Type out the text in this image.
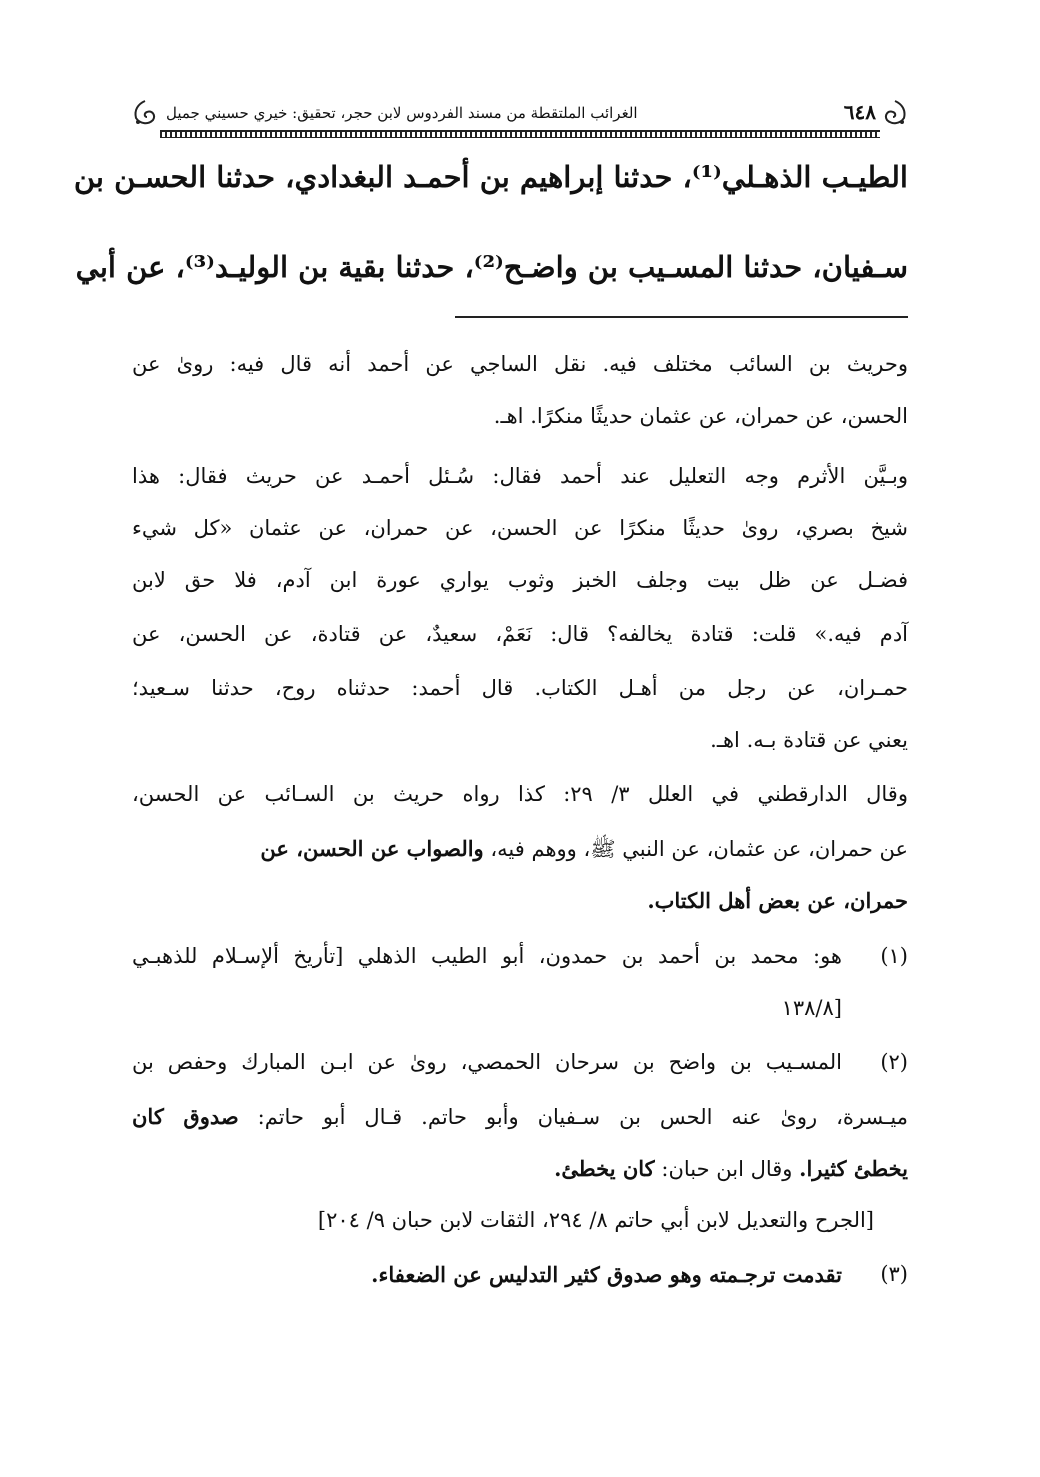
٦٤٨
الغرائب الملتقطة من مسند الفردوس لابن حجر، تحقيق: خيري حسيني جميل
الطيـب الذهـلي⁽¹⁾، حدثنا إبراهيم بن أحمـد البغدادي، حدثنا الحسـن بن
سـفيان، حدثنا المسـيب بن واضـح⁽²⁾، حدثنا بقية بن الوليـد⁽³⁾، عن أبي
وحريث بن السائب مختلف فيه. نقل الساجي عن أحمد أنه قال فيه: روىٰ عن
الحسن، عن حمران، عن عثمان حديثًا منكرًا. اهـ.
وبـيَّن الأثرم وجه التعليل عند أحمد فقال: سُـئل أحمـد عن حريث فقال: هذا
شيخ بصري، روىٰ حديثًا منكرًا عن الحسن، عن حمران، عن عثمان «كل شيء
فضـل عن ظل بيت وجلف الخبز وثوب يواري عورة ابن آدم، فلا حق لابن
آدم فيه.» قلت: قتادة يخالفه؟ قال: نَعَمْ، سعيدٌ، عن قتادة، عن الحسن، عن
حمـران، عن رجل من أهـل الكتاب. قال أحمد: حدثناه روح، حدثنا سـعيد؛
يعني عن قتادة بـه. اهـ.
وقال الدارقطني في العلل ٣/ ٢٩: كذا رواه حريث بن السـائب عن الحسن،
عن حمران، عن عثمان، عن النبي ﷺ، ووهم فيه، والصواب عن الحسن، عن
حمران، عن بعض أهل الكتاب.
(١)
هو: محمد بن أحمد بن حمدون، أبو الطيب الذهلي [تأريخ ألإسـلام للذهبـي
[١٣٨/٨
(٢)
المسـيب بن واضح بن سرحان الحمصي، روىٰ عن ابـن المبارك وحفص بن
ميـسرة، روىٰ عنه الحس بن سـفيان وأبو حاتم. قـال أبو حاتم: صدوق كان
يخطئ كثيرا. وقال ابن حبان: كان يخطئ.
[الجرح والتعديل لابن أبي حاتم ٨/ ٢٩٤، الثقات لابن حبان ٩/ ٢٠٤]
(٣)
تقدمت ترجـمته وهو صدوق كثير التدليس عن الضعفاء.
